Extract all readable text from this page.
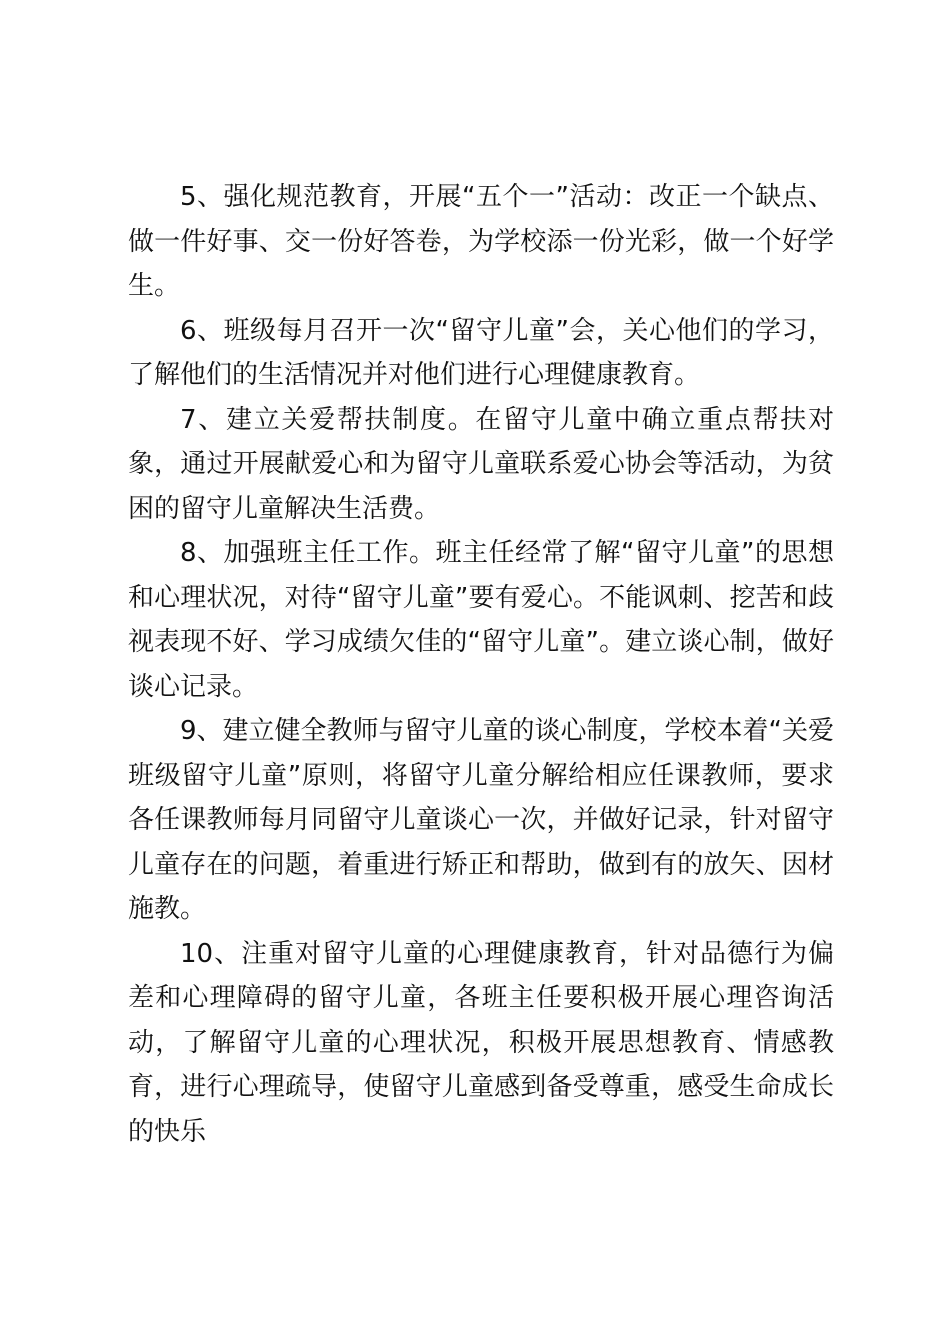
5、强化规范教育，开展“五个一”活动：改正一个缺点、做一件好事、交一份好答卷，为学校添一份光彩，做一个好学生。

6、班级每月召开一次“留守儿童”会，关心他们的学习，了解他们的生活情况并对他们进行心理健康教育。

7、建立关爱帮扶制度。在留守儿童中确立重点帮扶对象，通过开展献爱心和为留守儿童联系爱心协会等活动，为贫困的留守儿童解决生活费。

8、加强班主任工作。班主任经常了解“留守儿童”的思想和心理状况，对待“留守儿童”要有爱心。不能讽刺、挖苦和歧视表现不好、学习成绩欠佳的“留守儿童”。建立谈心制，做好谈心记录。

9、建立健全教师与留守儿童的谈心制度，学校本着“关爱班级留守儿童”原则，将留守儿童分解给相应任课教师，要求各任课教师每月同留守儿童谈心一次，并做好记录，针对留守儿童存在的问题，着重进行矫正和帮助，做到有的放矢、因材施教。

10、注重对留守儿童的心理健康教育，针对品德行为偏差和心理障碍的留守儿童，各班主任要积极开展心理咨询活动，了解留守儿童的心理状况，积极开展思想教育、情感教育，进行心理疏导，使留守儿童感到备受尊重，感受生命成长的快乐
